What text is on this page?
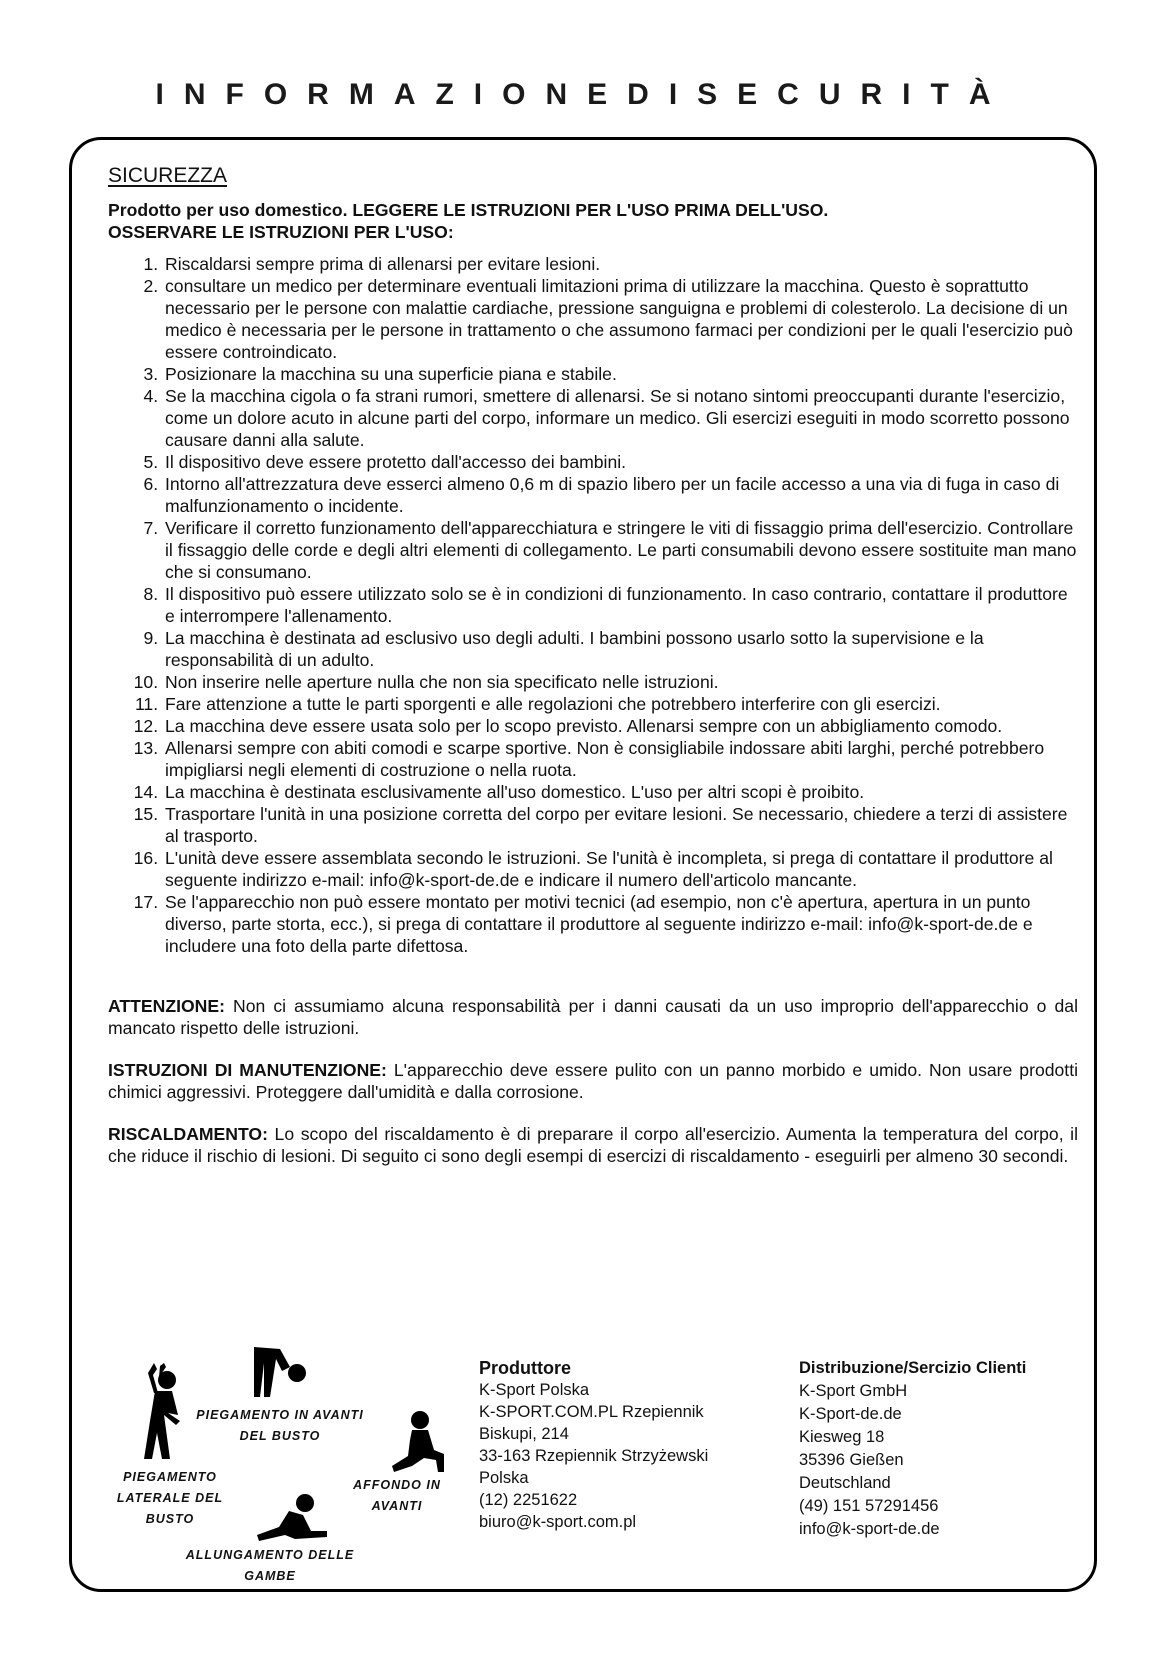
INFORMAZIONEDISECURITÀ
SICUREZZA
Prodotto per uso domestico. LEGGERE LE ISTRUZIONI PER L'USO PRIMA DELL'USO.
OSSERVARE LE ISTRUZIONI PER L'USO:
1. Riscaldarsi sempre prima di allenarsi per evitare lesioni.
2. consultare un medico per determinare eventuali limitazioni prima di utilizzare la macchina. Questo è soprattutto necessario per le persone con malattie cardiache, pressione sanguigna e problemi di colesterolo. La decisione di un medico è necessaria per le persone in trattamento o che assumono farmaci per condizioni per le quali l'esercizio può essere controindicato.
3. Posizionare la macchina su una superficie piana e stabile.
4. Se la macchina cigola o fa strani rumori, smettere di allenarsi. Se si notano sintomi preoccupanti durante l'esercizio, come un dolore acuto in alcune parti del corpo, informare un medico. Gli esercizi eseguiti in modo scorretto possono causare danni alla salute.
5. Il dispositivo deve essere protetto dall'accesso dei bambini.
6. Intorno all'attrezzatura deve esserci almeno 0,6 m di spazio libero per un facile accesso a una via di fuga in caso di malfunzionamento o incidente.
7. Verificare il corretto funzionamento dell'apparecchiatura e stringere le viti di fissaggio prima dell'esercizio. Controllare il fissaggio delle corde e degli altri elementi di collegamento. Le parti consumabili devono essere sostituite man mano che si consumano.
8. Il dispositivo può essere utilizzato solo se è in condizioni di funzionamento. In caso contrario, contattare il produttore e interrompere l'allenamento.
9. La macchina è destinata ad esclusivo uso degli adulti. I bambini possono usarlo sotto la supervisione e la responsabilità di un adulto.
10. Non inserire nelle aperture nulla che non sia specificato nelle istruzioni.
11. Fare attenzione a tutte le parti sporgenti e alle regolazioni che potrebbero interferire con gli esercizi.
12. La macchina deve essere usata solo per lo scopo previsto. Allenarsi sempre con un abbigliamento comodo.
13. Allenarsi sempre con abiti comodi e scarpe sportive. Non è consigliabile indossare abiti larghi, perché potrebbero impigliarsi negli elementi di costruzione o nella ruota.
14. La macchina è destinata esclusivamente all'uso domestico. L'uso per altri scopi è proibito.
15. Trasportare l'unità in una posizione corretta del corpo per evitare lesioni. Se necessario, chiedere a terzi di assistere al trasporto.
16. L'unità deve essere assemblata secondo le istruzioni. Se l'unità è incompleta, si prega di contattare il produttore al seguente indirizzo e-mail: info@k-sport-de.de e indicare il numero dell'articolo mancante.
17. Se l'apparecchio non può essere montato per motivi tecnici (ad esempio, non c'è apertura, apertura in un punto diverso, parte storta, ecc.), si prega di contattare il produttore al seguente indirizzo e-mail: info@k-sport-de.de e includere una foto della parte difettosa.
ATTENZIONE: Non ci assumiamo alcuna responsabilità per i danni causati da un uso improprio dell'apparecchio o dal mancato rispetto delle istruzioni.
ISTRUZIONI DI MANUTENZIONE: L'apparecchio deve essere pulito con un panno morbido e umido. Non usare prodotti chimici aggressivi. Proteggere dall'umidità e dalla corrosione.
RISCALDAMENTO: Lo scopo del riscaldamento è di preparare il corpo all'esercizio. Aumenta la temperatura del corpo, il che riduce il rischio di lesioni. Di seguito ci sono degli esempi di esercizi di riscaldamento - eseguirli per almeno 30 secondi.
PIEGAMENTO
LATERALE DEL BUSTO
PIEGAMENTO IN AVANTI
DEL BUSTO
AFFONDO IN
AVANTI
ALLUNGAMENTO DELLE
GAMBE
Produttore
K-Sport Polska
K-SPORT.COM.PL Rzepiennik
Biskupi, 214
33-163 Rzepiennik Strzyżewski
Polska
(12) 2251622
biuro@k-sport.com.pl
Distribuzione/Sercizio Clienti
K-Sport GmbH
K-Sport-de.de
Kiesweg 18
35396 Gießen
Deutschland
(49) 151 57291456
info@k-sport-de.de
